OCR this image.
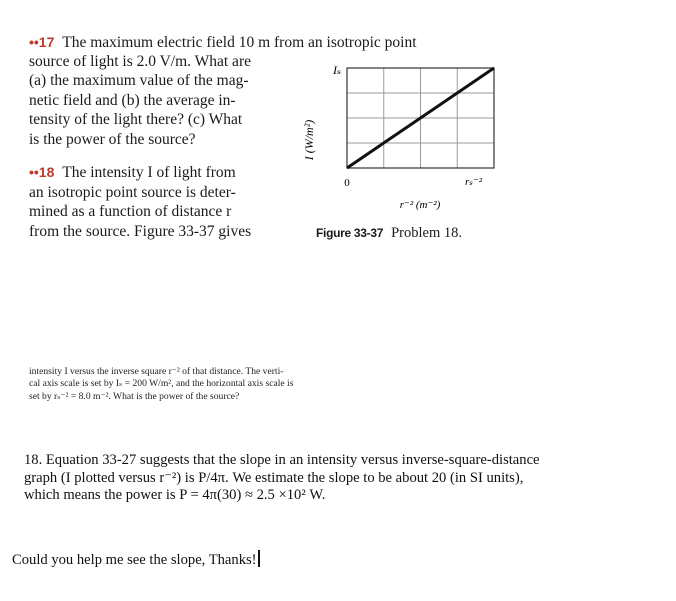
••17 The maximum electric field 10 m from an isotropic point
source of light is 2.0 V/m. What are
(a) the maximum value of the mag-
netic field and (b) the average in-
tensity of the light there? (c) What
is the power of the source?
••18 The intensity I of light from
an isotropic point source is deter-
mined as a function of distance r
from the source. Figure 33-37 gives
Iₛ
I (W/m²)
0	rₛ⁻²
r⁻² (m⁻²)
Figure 33-37 Problem 18.
intensity I versus the inverse square r⁻² of that distance. The verti-
cal axis scale is set by Iₛ = 200 W/m², and the horizontal axis scale is
set by rₛ⁻² = 8.0 m⁻². What is the power of the source?
18. Equation 33-27 suggests that the slope in an intensity versus inverse-square-distance
graph (I plotted versus r⁻²) is P/4π. We estimate the slope to be about 20 (in SI units),
which means the power is P = 4π(30) ≈ 2.5 ×10² W.
Could you help me see the slope, Thanks!
